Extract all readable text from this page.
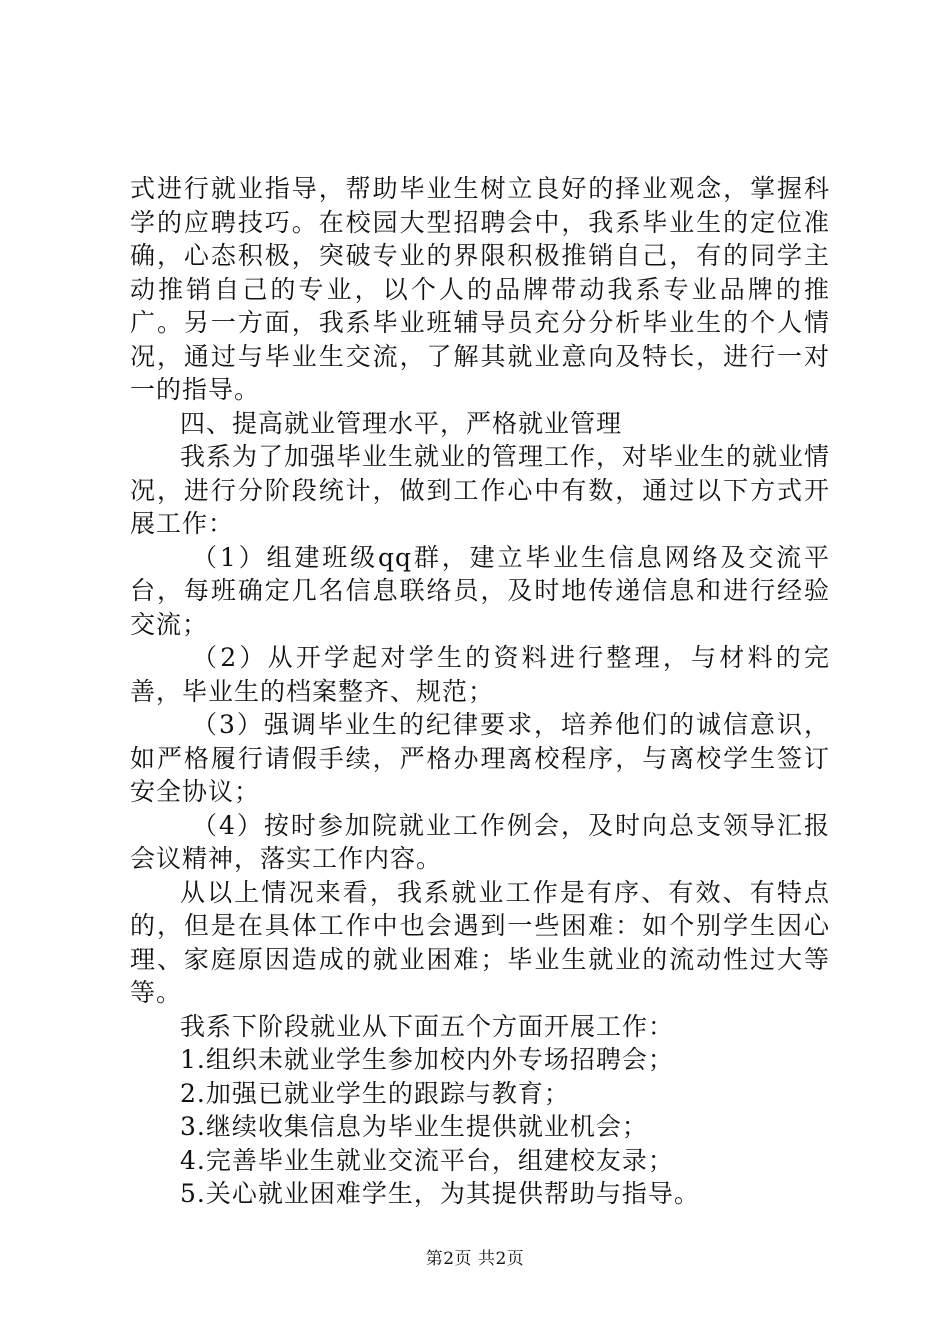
式进行就业指导，帮助毕业生树立良好的择业观念，掌握科学的应聘技巧。在校园大型招聘会中，我系毕业生的定位准确，心态积极，突破专业的界限积极推销自己，有的同学主动推销自己的专业，以个人的品牌带动我系专业品牌的推广。另一方面，我系毕业班辅导员充分分析毕业生的个人情况，通过与毕业生交流，了解其就业意向及特长，进行一对一的指导。

四、提高就业管理水平，严格就业管理

我系为了加强毕业生就业的管理工作，对毕业生的就业情况，进行分阶段统计，做到工作心中有数，通过以下方式开展工作：

（1）组建班级qq群，建立毕业生信息网络及交流平台，每班确定几名信息联络员，及时地传递信息和进行经验交流；

（2）从开学起对学生的资料进行整理，与材料的完善，毕业生的档案整齐、规范；

（3）强调毕业生的纪律要求，培养他们的诚信意识，如严格履行请假手续，严格办理离校程序，与离校学生签订安全协议；

（4）按时参加院就业工作例会，及时向总支领导汇报会议精神，落实工作内容。

从以上情况来看，我系就业工作是有序、有效、有特点的，但是在具体工作中也会遇到一些困难：如个别学生因心理、家庭原因造成的就业困难；毕业生就业的流动性过大等等。

我系下阶段就业从下面五个方面开展工作：

1.组织未就业学生参加校内外专场招聘会；

2.加强已就业学生的跟踪与教育；

3.继续收集信息为毕业生提供就业机会；

4.完善毕业生就业交流平台，组建校友录；

5.关心就业困难学生，为其提供帮助与指导。

第2页 共2页
